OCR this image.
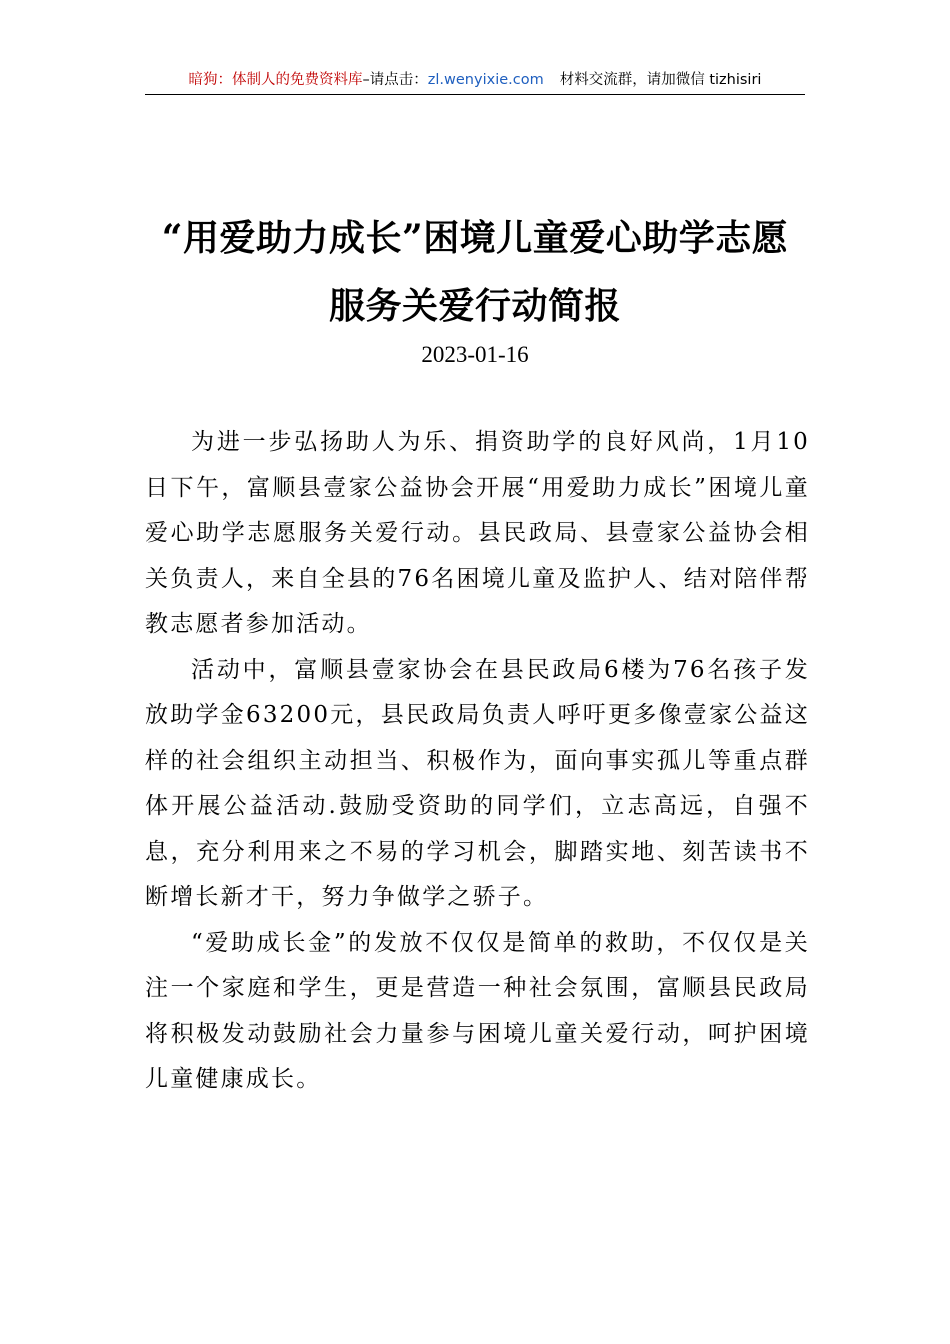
暗狗：体制人的免费资料库–请点击：zl.wenyixie.com 材料交流群，请加微信 tizhisiri
“用爱助力成长”困境儿童爱心助学志愿
服务关爱行动简报
2023-01-16

为进一步弘扬助人为乐、捐资助学的良好风尚，1月10日下午，富顺县壹家公益协会开展“用爱助力成长”困境儿童爱心助学志愿服务关爱行动。县民政局、县壹家公益协会相关负责人，来自全县的76名困境儿童及监护人、结对陪伴帮教志愿者参加活动。

活动中，富顺县壹家协会在县民政局6楼为76名孩子发放助学金63200元，县民政局负责人呼吁更多像壹家公益这样的社会组织主动担当、积极作为，面向事实孤儿等重点群体开展公益活动.鼓励受资助的同学们，立志高远，自强不息，充分利用来之不易的学习机会，脚踏实地、刻苦读书不断增长新才干，努力争做学之骄子。

“爱助成长金”的发放不仅仅是简单的救助，不仅仅是关注一个家庭和学生，更是营造一种社会氛围，富顺县民政局将积极发动鼓励社会力量参与困境儿童关爱行动，呵护困境儿童健康成长。
